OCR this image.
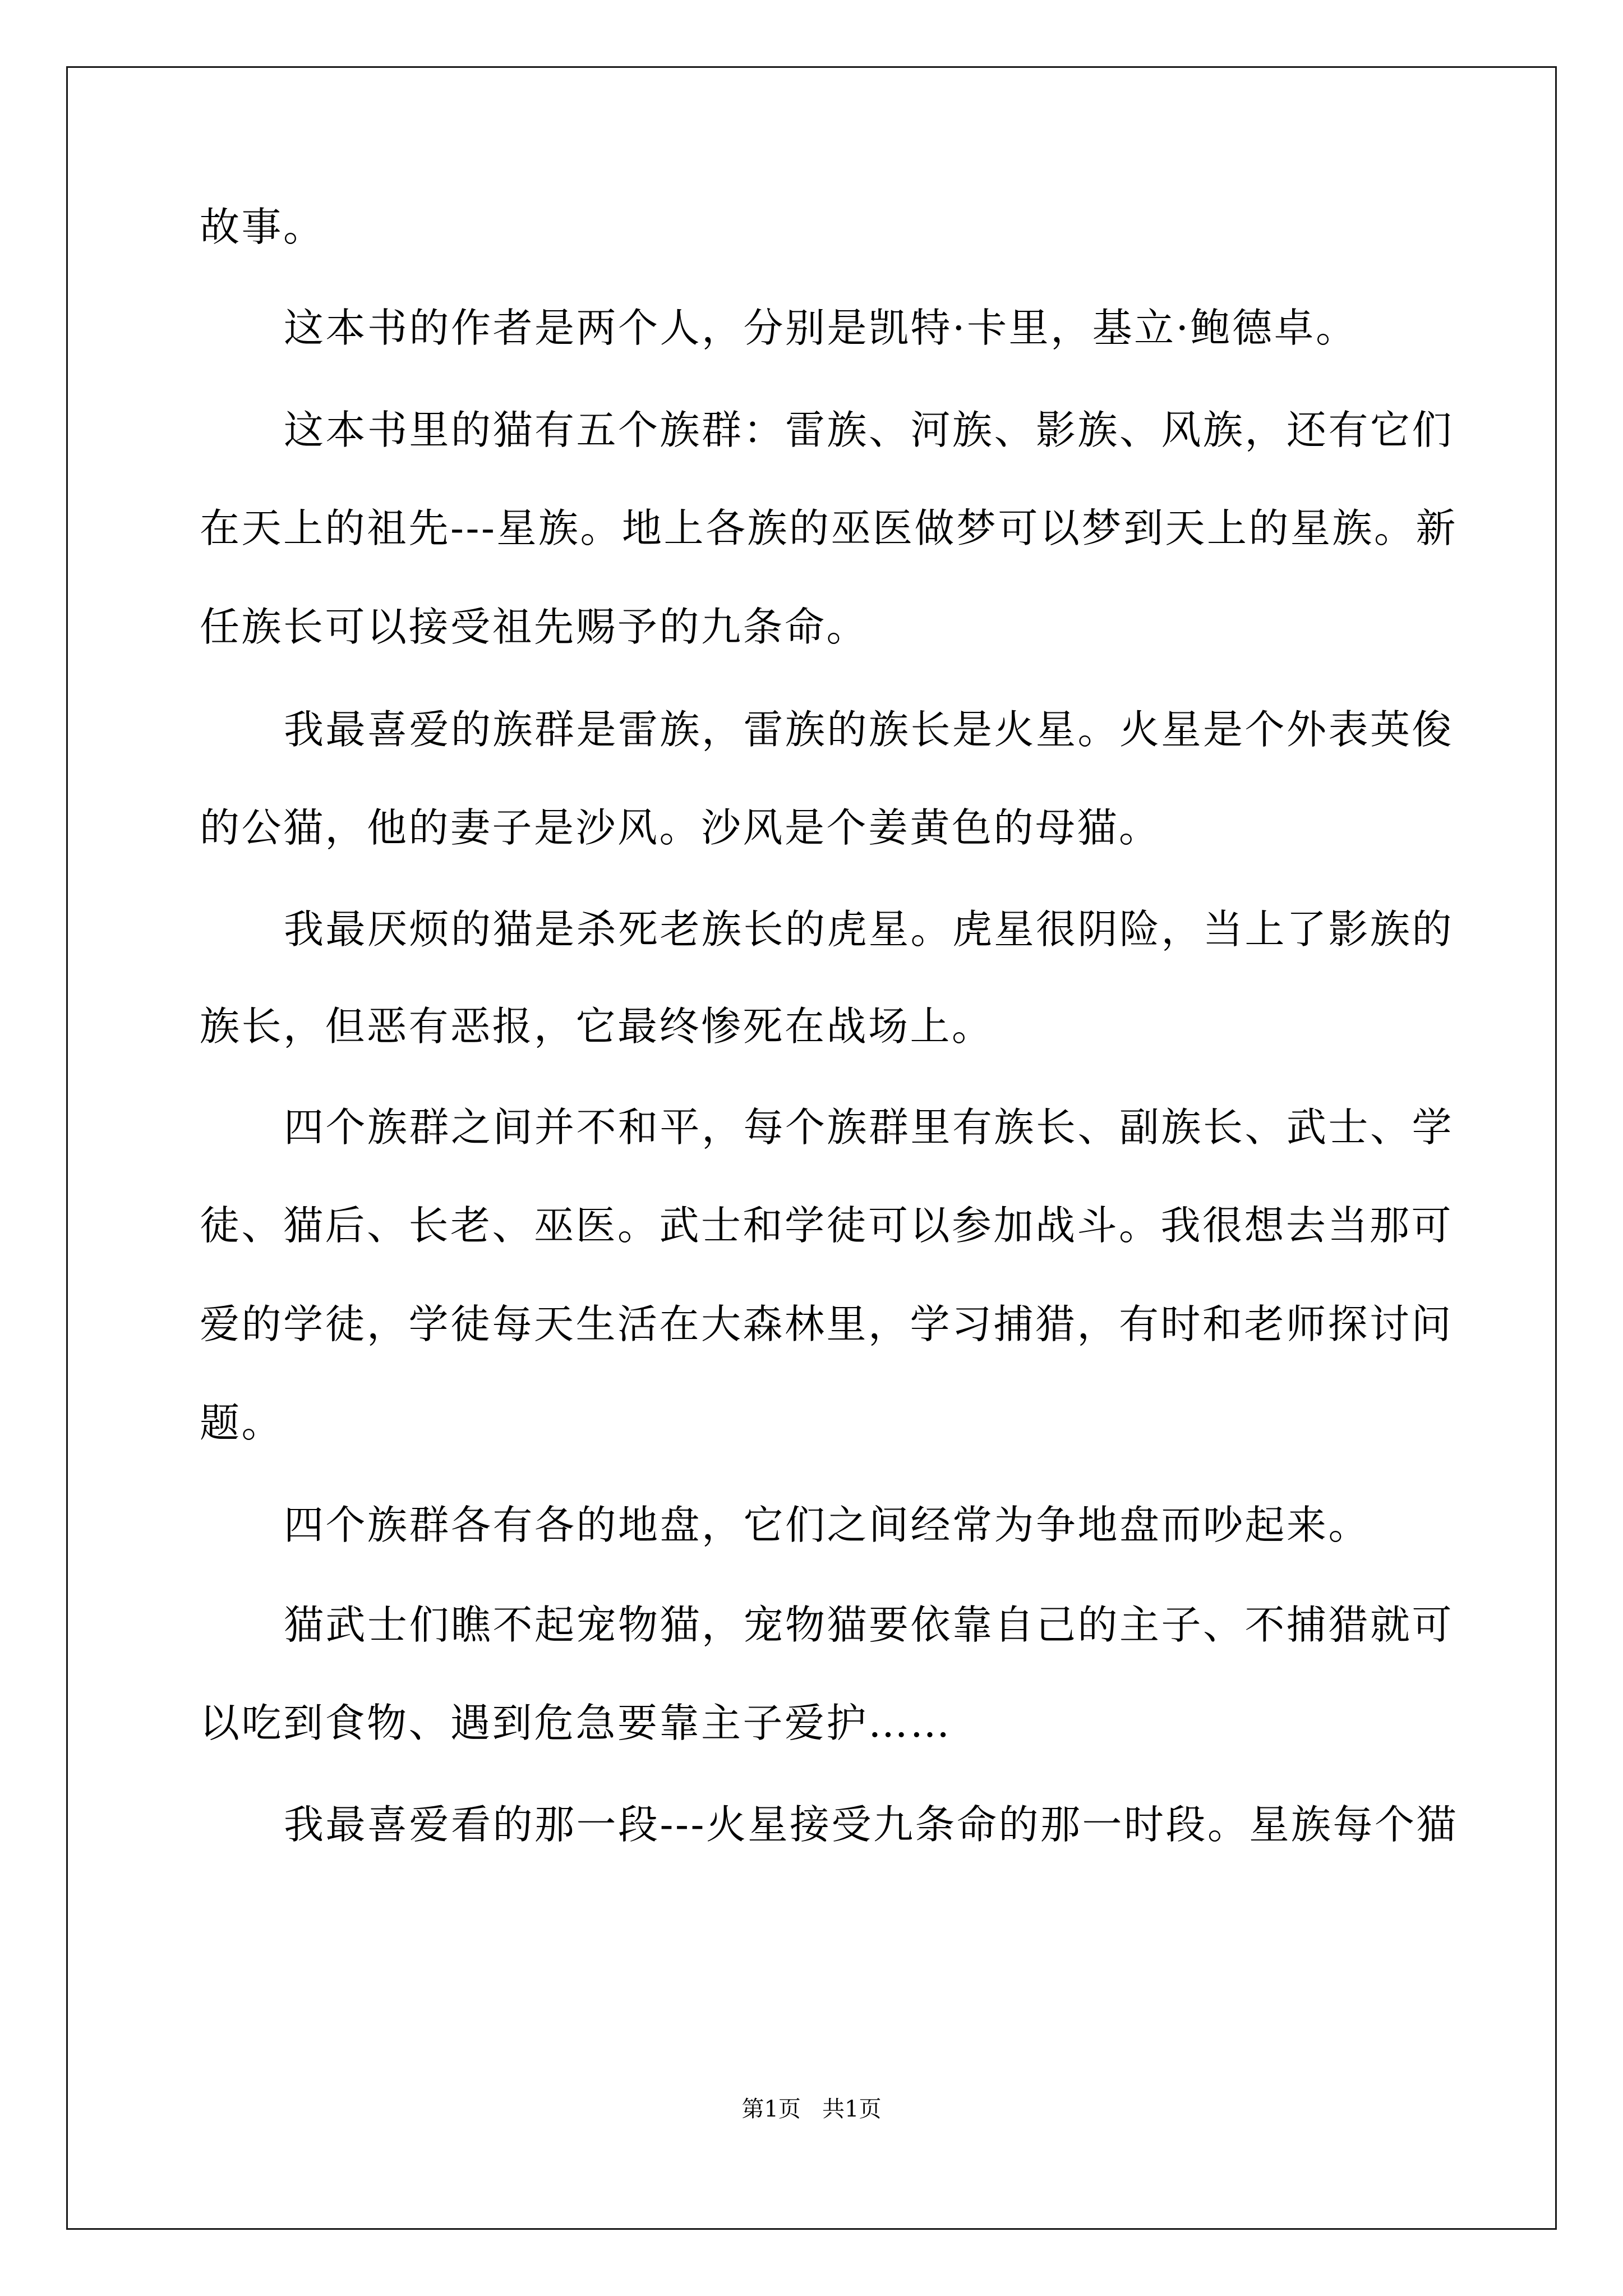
故事。
这本书的作者是两个人，分别是凯特·卡里，基立·鲍德卓。
这本书里的猫有五个族群：雷族、河族、影族、风族，还有它们
在天上的祖先---星族。地上各族的巫医做梦可以梦到天上的星族。新
任族长可以接受祖先赐予的九条命。
我最喜爱的族群是雷族，雷族的族长是火星。火星是个外表英俊
的公猫，他的妻子是沙风。沙风是个姜黄色的母猫。
我最厌烦的猫是杀死老族长的虎星。虎星很阴险，当上了影族的
族长，但恶有恶报，它最终惨死在战场上。
四个族群之间并不和平，每个族群里有族长、副族长、武士、学
徒、猫后、长老、巫医。武士和学徒可以参加战斗。我很想去当那可
爱的学徒，学徒每天生活在大森林里，学习捕猎，有时和老师探讨问
题。
四个族群各有各的地盘，它们之间经常为争地盘而吵起来。
猫武士们瞧不起宠物猫，宠物猫要依靠自己的主子、不捕猎就可
以吃到食物、遇到危急要靠主子爱护……
我最喜爱看的那一段---火星接受九条命的那一时段。星族每个猫
第1页   共1页
